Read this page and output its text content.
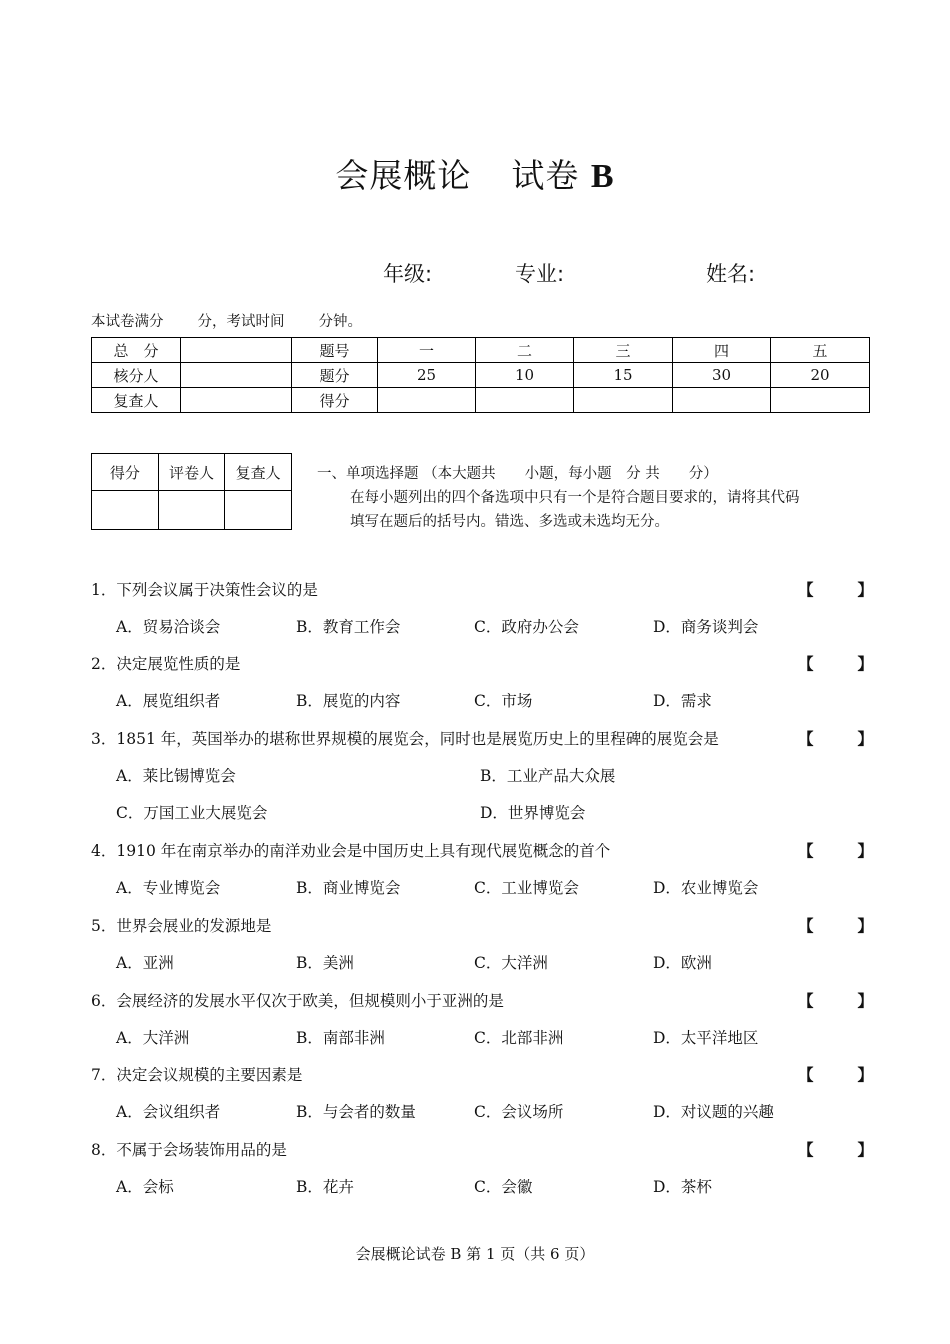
会展概论 试卷 B
年级:	专业:	姓名:
本试卷满分 分，考试时间 分钟。
总　分		题号	一	二	三	四	五
核分人		题分	25	10	15	30	20
复查人		得分					
得分	评卷人	复查人
			一、单项选择题 （本大题共　　小题，每小题　分 共　　分）
在每小题列出的四个备选项中只有一个是符合题目要求的，请将其代码
填写在题后的括号内。错选、多选或未选均无分。
1．下列会议属于决策性会议的是	【	】
A．贸易洽谈会	B．教育工作会	C．政府办公会	D．商务谈判会
2．决定展览性质的是	【	】
A．展览组织者	B．展览的内容	C．市场	D．需求
3．1851 年，英国举办的堪称世界规模的展览会，同时也是展览历史上的里程碑的展览会是	【	】
A．莱比锡博览会	B．工业产品大众展
C．万国工业大展览会	D．世界博览会
4．1910 年在南京举办的南洋劝业会是中国历史上具有现代展览概念的首个	【	】
A．专业博览会	B．商业博览会	C．工业博览会	D．农业博览会
5．世界会展业的发源地是	【	】
A．亚洲	B．美洲	C．大洋洲	D．欧洲
6．会展经济的发展水平仅次于欧美，但规模则小于亚洲的是	【	】
A．大洋洲	B．南部非洲	C．北部非洲	D．太平洋地区
7．决定会议规模的主要因素是	【	】
A．会议组织者	B．与会者的数量	C．会议场所	D．对议题的兴趣
8．不属于会场装饰用品的是	【	】
A．会标	B．花卉	C．会徽	D．茶杯
会展概论试卷 B 第 1 页（共 6 页）
